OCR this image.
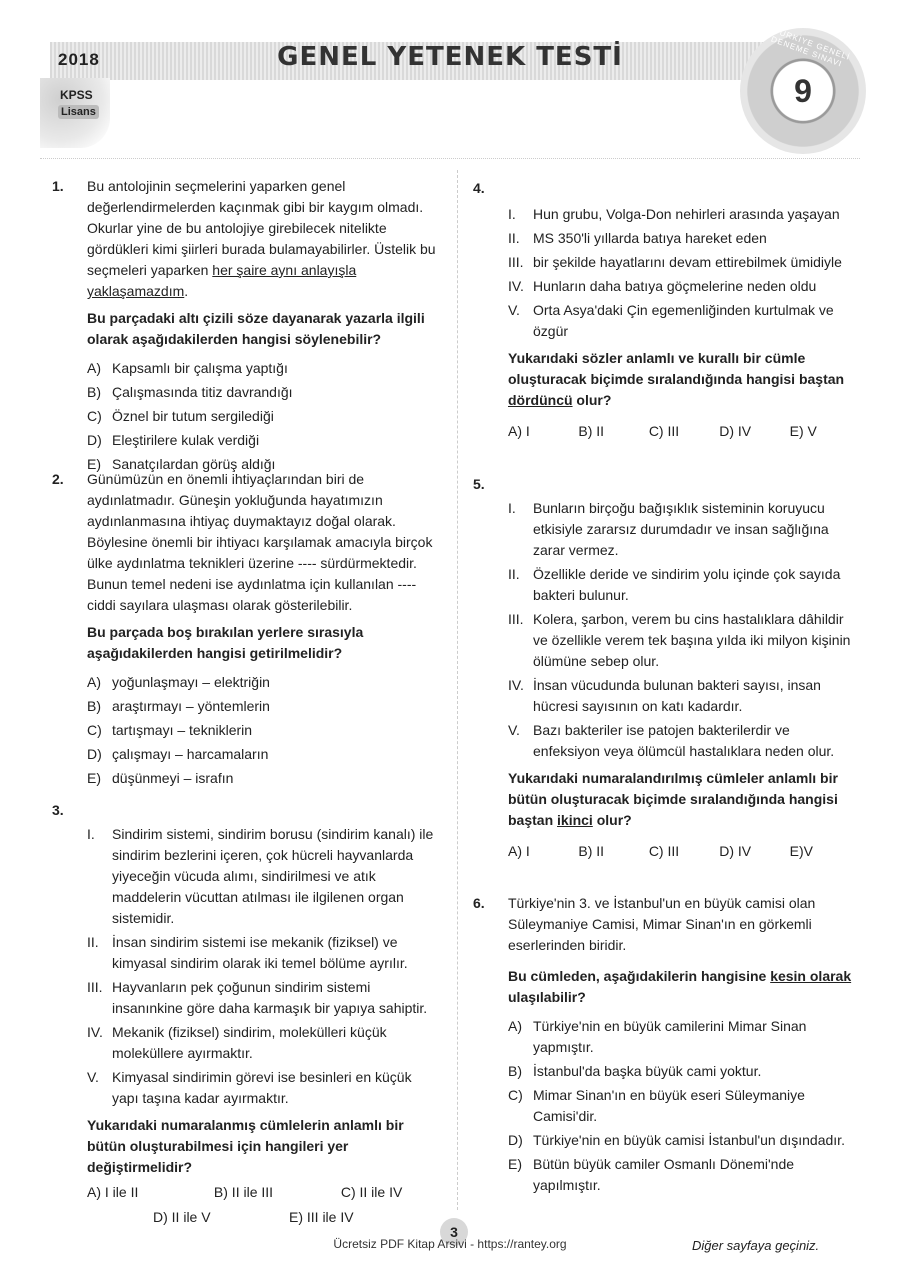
2018
KPSS
Lisans
GENEL YETENEK TESTİ	TÜRKİYE GENELİ DENEME SINAVI
9
1. Bu antolojinin seçmelerini yaparken genel değerlendirmelerden kaçınmak gibi bir kaygım olmadı. Okurlar yine de bu antolojiye girebilecek nitelikte gördükleri kimi şiirleri burada bulamayabilirler. Üstelik bu seçmeleri yaparken her şaire aynı anlayışla yaklaşamazdım.

Bu parçadaki altı çizili söze dayanarak yazarla ilgili olarak aşağıdakilerden hangisi söylenebilir?

A) Kapsamlı bir çalışma yaptığı
B) Çalışmasında titiz davrandığı
C) Öznel bir tutum sergilediği
D) Eleştirilere kulak verdiği
E) Sanatçılardan görüş aldığı
2. Günümüzün en önemli ihtiyaçlarından biri de aydınlatmadır. Güneşin yokluğunda hayatımızın aydınlanmasına ihtiyaç duymaktayız doğal olarak. Böylesine önemli bir ihtiyacı karşılamak amacıyla birçok ülke aydınlatma teknikleri üzerine ---- sürdürmektedir. Bunun temel nedeni ise aydınlatma için kullanılan ---- ciddi sayılara ulaşması olarak gösterilebilir.

Bu parçada boş bırakılan yerlere sırasıyla aşağıdakilerden hangisi getirilmelidir?

A) yoğunlaşmayı – elektriğin
B) araştırmayı – yöntemlerin
C) tartışmayı – tekniklerin
D) çalışmayı – harcamaların
E) düşünmeyi – israfın
3.
I.	Sindirim sistemi, sindirim borusu (sindirim kanalı) ile sindirim bezlerini içeren, çok hücreli hayvanlarda yiyeceğin vücuda alımı, sindirilmesi ve atık maddelerin vücuttan atılması ile ilgilenen organ sistemidir.
II. İnsan sindirim sistemi ise mekanik (fiziksel) ve kimyasal sindirim olarak iki temel bölüme ayrılır.
III. Hayvanların pek çoğunun sindirim sistemi insanınkine göre daha karmaşık bir yapıya sahiptir.
IV. Mekanik (fiziksel) sindirim, molekülleri küçük moleküllere ayırmaktır.
V. Kimyasal sindirimin görevi ise besinleri en küçük yapı taşına kadar ayırmaktır.

Yukarıdaki numaralanmış cümlelerin anlamlı bir bütün oluşturabilmesi için hangileri yer değiştirmelidir?

A) I ile II	B) II ile III	C) II ile IV
D) II ile V	E) III ile IV
4.
I.	Hun grubu, Volga-Don nehirleri arasında yaşayan
II. MS 350'li yıllarda batıya hareket eden
III. bir şekilde hayatlarını devam ettirebilmek ümidiyle
IV. Hunların daha batıya göçmelerine neden oldu
V. Orta Asya'daki Çin egemenliğinden kurtulmak ve özgür

Yukarıdaki sözler anlamlı ve kurallı bir cümle oluşturacak biçimde sıralandığında hangisi baştan dördüncü olur?

A) I	B) II	C) III	D) IV	E) V
5.
I.	Bunların birçoğu bağışıklık sisteminin koruyucu etkisiyle zararsız durumdadır ve insan sağlığına zarar vermez.
II. Özellikle deride ve sindirim yolu içinde çok sayıda bakteri bulunur.
III. Kolera, şarbon, verem bu cins hastalıklara dâhildir ve özellikle verem tek başına yılda iki milyon kişinin ölümüne sebep olur.
IV. İnsan vücudunda bulunan bakteri sayısı, insan hücresi sayısının on katı kadardır.
V. Bazı bakteriler ise patojen bakterilerdir ve enfeksiyon veya ölümcül hastalıklara neden olur.

Yukarıdaki numaralandırılmış cümleler anlamlı bir bütün oluşturacak biçimde sıralandığında hangisi baştan ikinci olur?

A) I	B) II	C) III	D) IV	E)V
6. Türkiye'nin 3. ve İstanbul'un en büyük camisi olan Süleymaniye Camisi, Mimar Sinan'ın en görkemli eserlerinden biridir.

Bu cümleden, aşağıdakilerin hangisine kesin olarak ulaşılabilir?

A) Türkiye'nin en büyük camilerini Mimar Sinan yapmıştır.
B) İstanbul'da başka büyük cami yoktur.
C) Mimar Sinan'ın en büyük eseri Süleymaniye Camisi'dir.
D) Türkiye'nin en büyük camisi İstanbul'un dışındadır.
E) Bütün büyük camiler Osmanlı Dönemi'nde yapılmıştır.
3
Ücretsiz PDF Kitap Arsivi - https://rantey.org	Diğer sayfaya geçiniz.
